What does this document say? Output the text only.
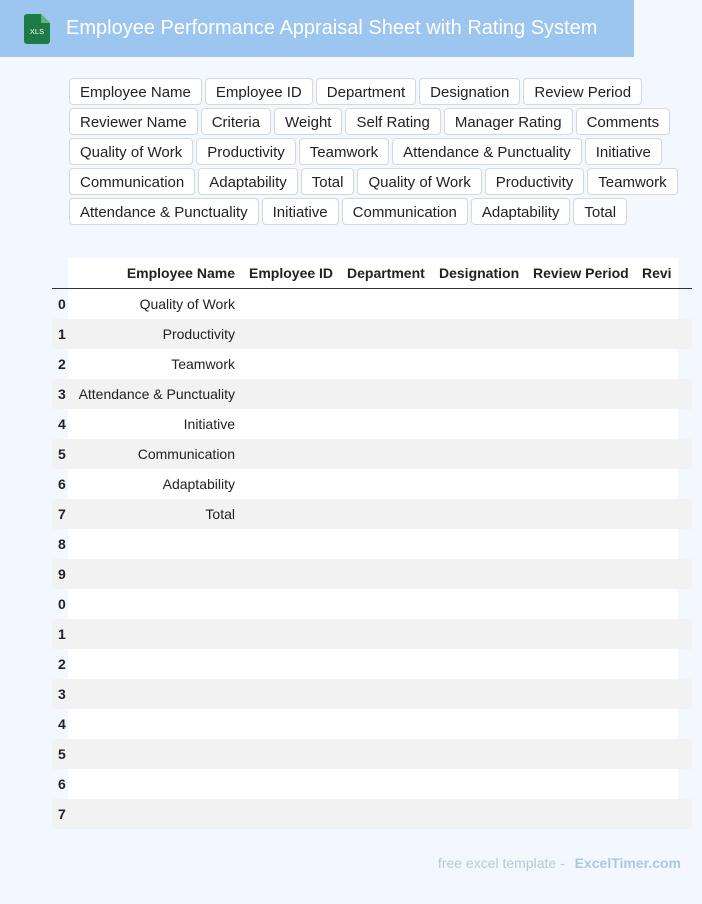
XLS Employee Performance Appraisal Sheet with Rating System
Employee Name	Employee ID	Department	Designation	Review Period
Reviewer Name	Criteria	Weight	Self Rating	Manager Rating	Comments
Quality of Work	Productivity	Teamwork	Attendance & Punctuality	Initiative
Communication	Adaptability	Total	Quality of Work	Productivity	Teamwork
Attendance & Punctuality	Initiative	Communication	Adaptability	Total
	Employee Name	Employee ID	Department	Designation	Review Period	Revi
0	Quality of Work					
1	Productivity					
2	Teamwork					
3	Attendance & Punctuality					
4	Initiative					
5	Communication					
6	Adaptability					
7	Total					
8						
9						
0						
1						
2						
3						
4						
5						
6						
7						
free excel template - ExcelTimer.com
